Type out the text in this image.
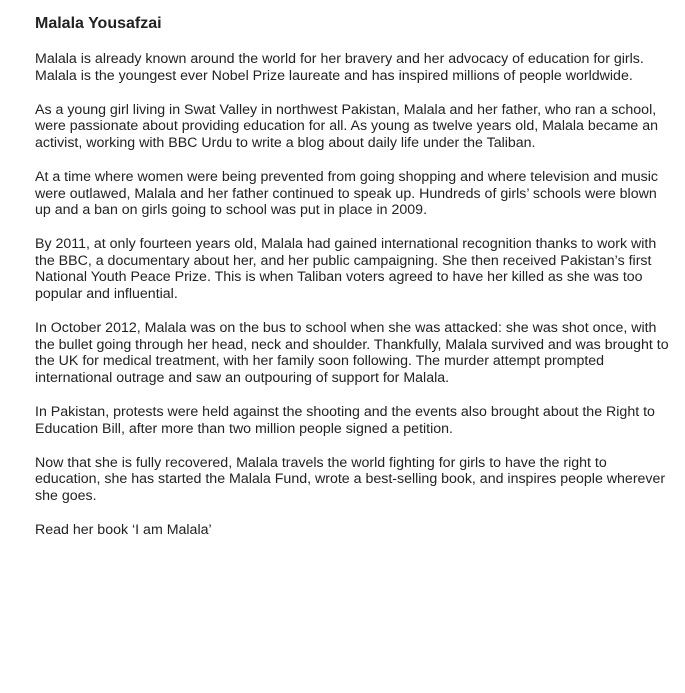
Malala Yousafzai

Malala is already known around the world for her bravery and her advocacy of education for girls. Malala is the youngest ever Nobel Prize laureate and has inspired millions of people worldwide.

As a young girl living in Swat Valley in northwest Pakistan, Malala and her father, who ran a school, were passionate about providing education for all. As young as twelve years old, Malala became an activist, working with BBC Urdu to write a blog about daily life under the Taliban.

At a time where women were being prevented from going shopping and where television and music were outlawed, Malala and her father continued to speak up. Hundreds of girls’ schools were blown up and a ban on girls going to school was put in place in 2009.

By 2011, at only fourteen years old, Malala had gained international recognition thanks to work with the BBC, a documentary about her, and her public campaigning. She then received Pakistan’s first National Youth Peace Prize. This is when Taliban voters agreed to have her killed as she was too popular and influential.

In October 2012, Malala was on the bus to school when she was attacked: she was shot once, with the bullet going through her head, neck and shoulder. Thankfully, Malala survived and was brought to the UK for medical treatment, with her family soon following. The murder attempt prompted international outrage and saw an outpouring of support for Malala.

In Pakistan, protests were held against the shooting and the events also brought about the Right to Education Bill, after more than two million people signed a petition.

Now that she is fully recovered, Malala travels the world fighting for girls to have the right to education, she has started the Malala Fund, wrote a best-selling book, and inspires people wherever she goes.

Read her book ‘I am Malala’
